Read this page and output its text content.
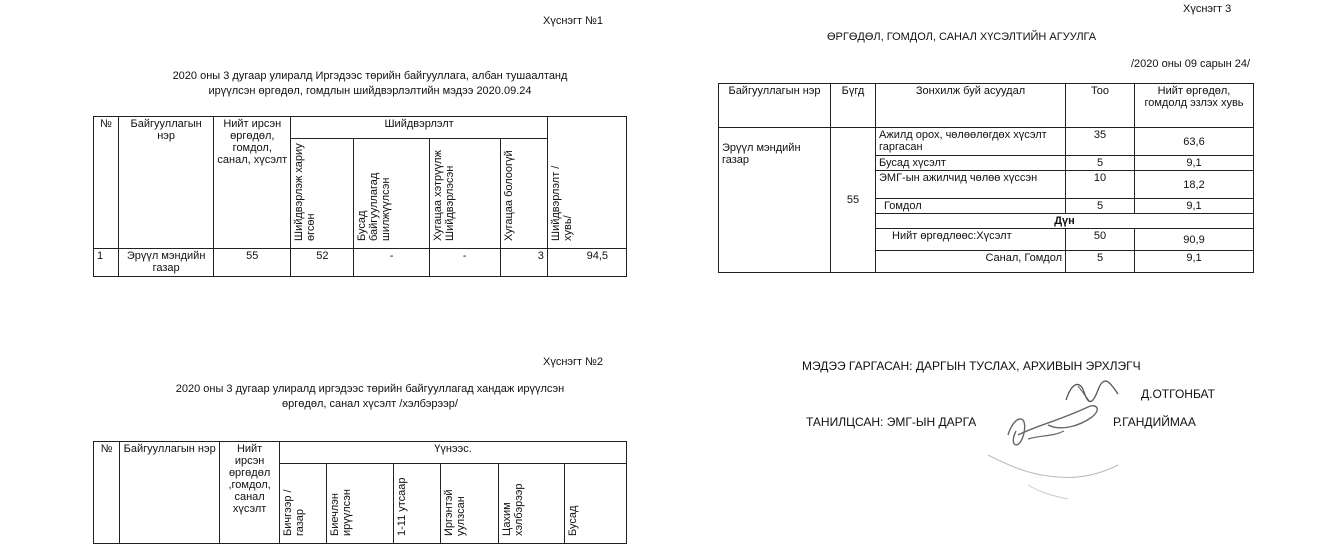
Хүснэгт №1
2020 оны 3 дугаар улиралд Иргэдээс төрийн байгууллага, албан тушаалтанд
ирүүлсэн өргөдөл, гомдлын шийдвэрлэлтийн мэдээ 2020.09.24
№	Байгууллагын нэр	Нийт ирсэн өргөдөл, гомдол, санал, хүсэлт	Шийдвэрлэлт				Шийдвэрлэлт /хувь/
			Шийдвэрлэж хариу өгсөн	Бусад байгууллагад шилжүүлсэн	Хугацаа хэтрүүлж Шийдвэрлэсэн	Хугацаа болоогүй	
1	Эрүүл мэндийн газар	55	52	-	-	3	94,5
Хүснэгт №2
2020 оны 3 дугаар улиралд иргэдээс төрийн байгууллагад хандаж ирүүлсэн
өргөдөл, санал хүсэлт /хэлбэрээр/
№	Байгууллагын нэр	Нийт ирсэн өргөдөл ,гомдол, санал хүсэлт	Үүнээс.					
			Бичгээр /газар	Биечлэн ирүүлсэн	1-11 утсаар	Иргэнтэй уулзсан	Цахим хэлбэрээр	Бусад
Хүснэгт 3
ӨРГӨДӨЛ, ГОМДОЛ, САНАЛ ХҮСЭЛТИЙН АГУУЛГА
/2020 оны 09 сарын 24/
Байгууллагын нэр	Бүгд	Зонхилж буй асуудал	Тоо	Нийт өргөдөл, гомдолд эзлэх хувь
Эрүүл мэндийн газар	55	Ажилд орох, чөлөөлөгдөх хүсэлт гаргасан	35	63,6
		Бусад хүсэлт	5	9,1
		ЭМГ-ын ажилчид чөлөө хүссэн	10	18,2
		Гомдол	5	9,1
		Дүн		
		Нийт өргөдлөөс:Хүсэлт	50	90,9
		Санал, Гомдол	5	9,1
МЭДЭЭ ГАРГАСАН: ДАРГЫН ТУСЛАХ, АРХИВЫН ЭРХЛЭГЧ
Д.ОТГОНБАТ
ТАНИЛЦСАН: ЭМГ-ЫН ДАРГА	Р.ГАНДИЙМАА
